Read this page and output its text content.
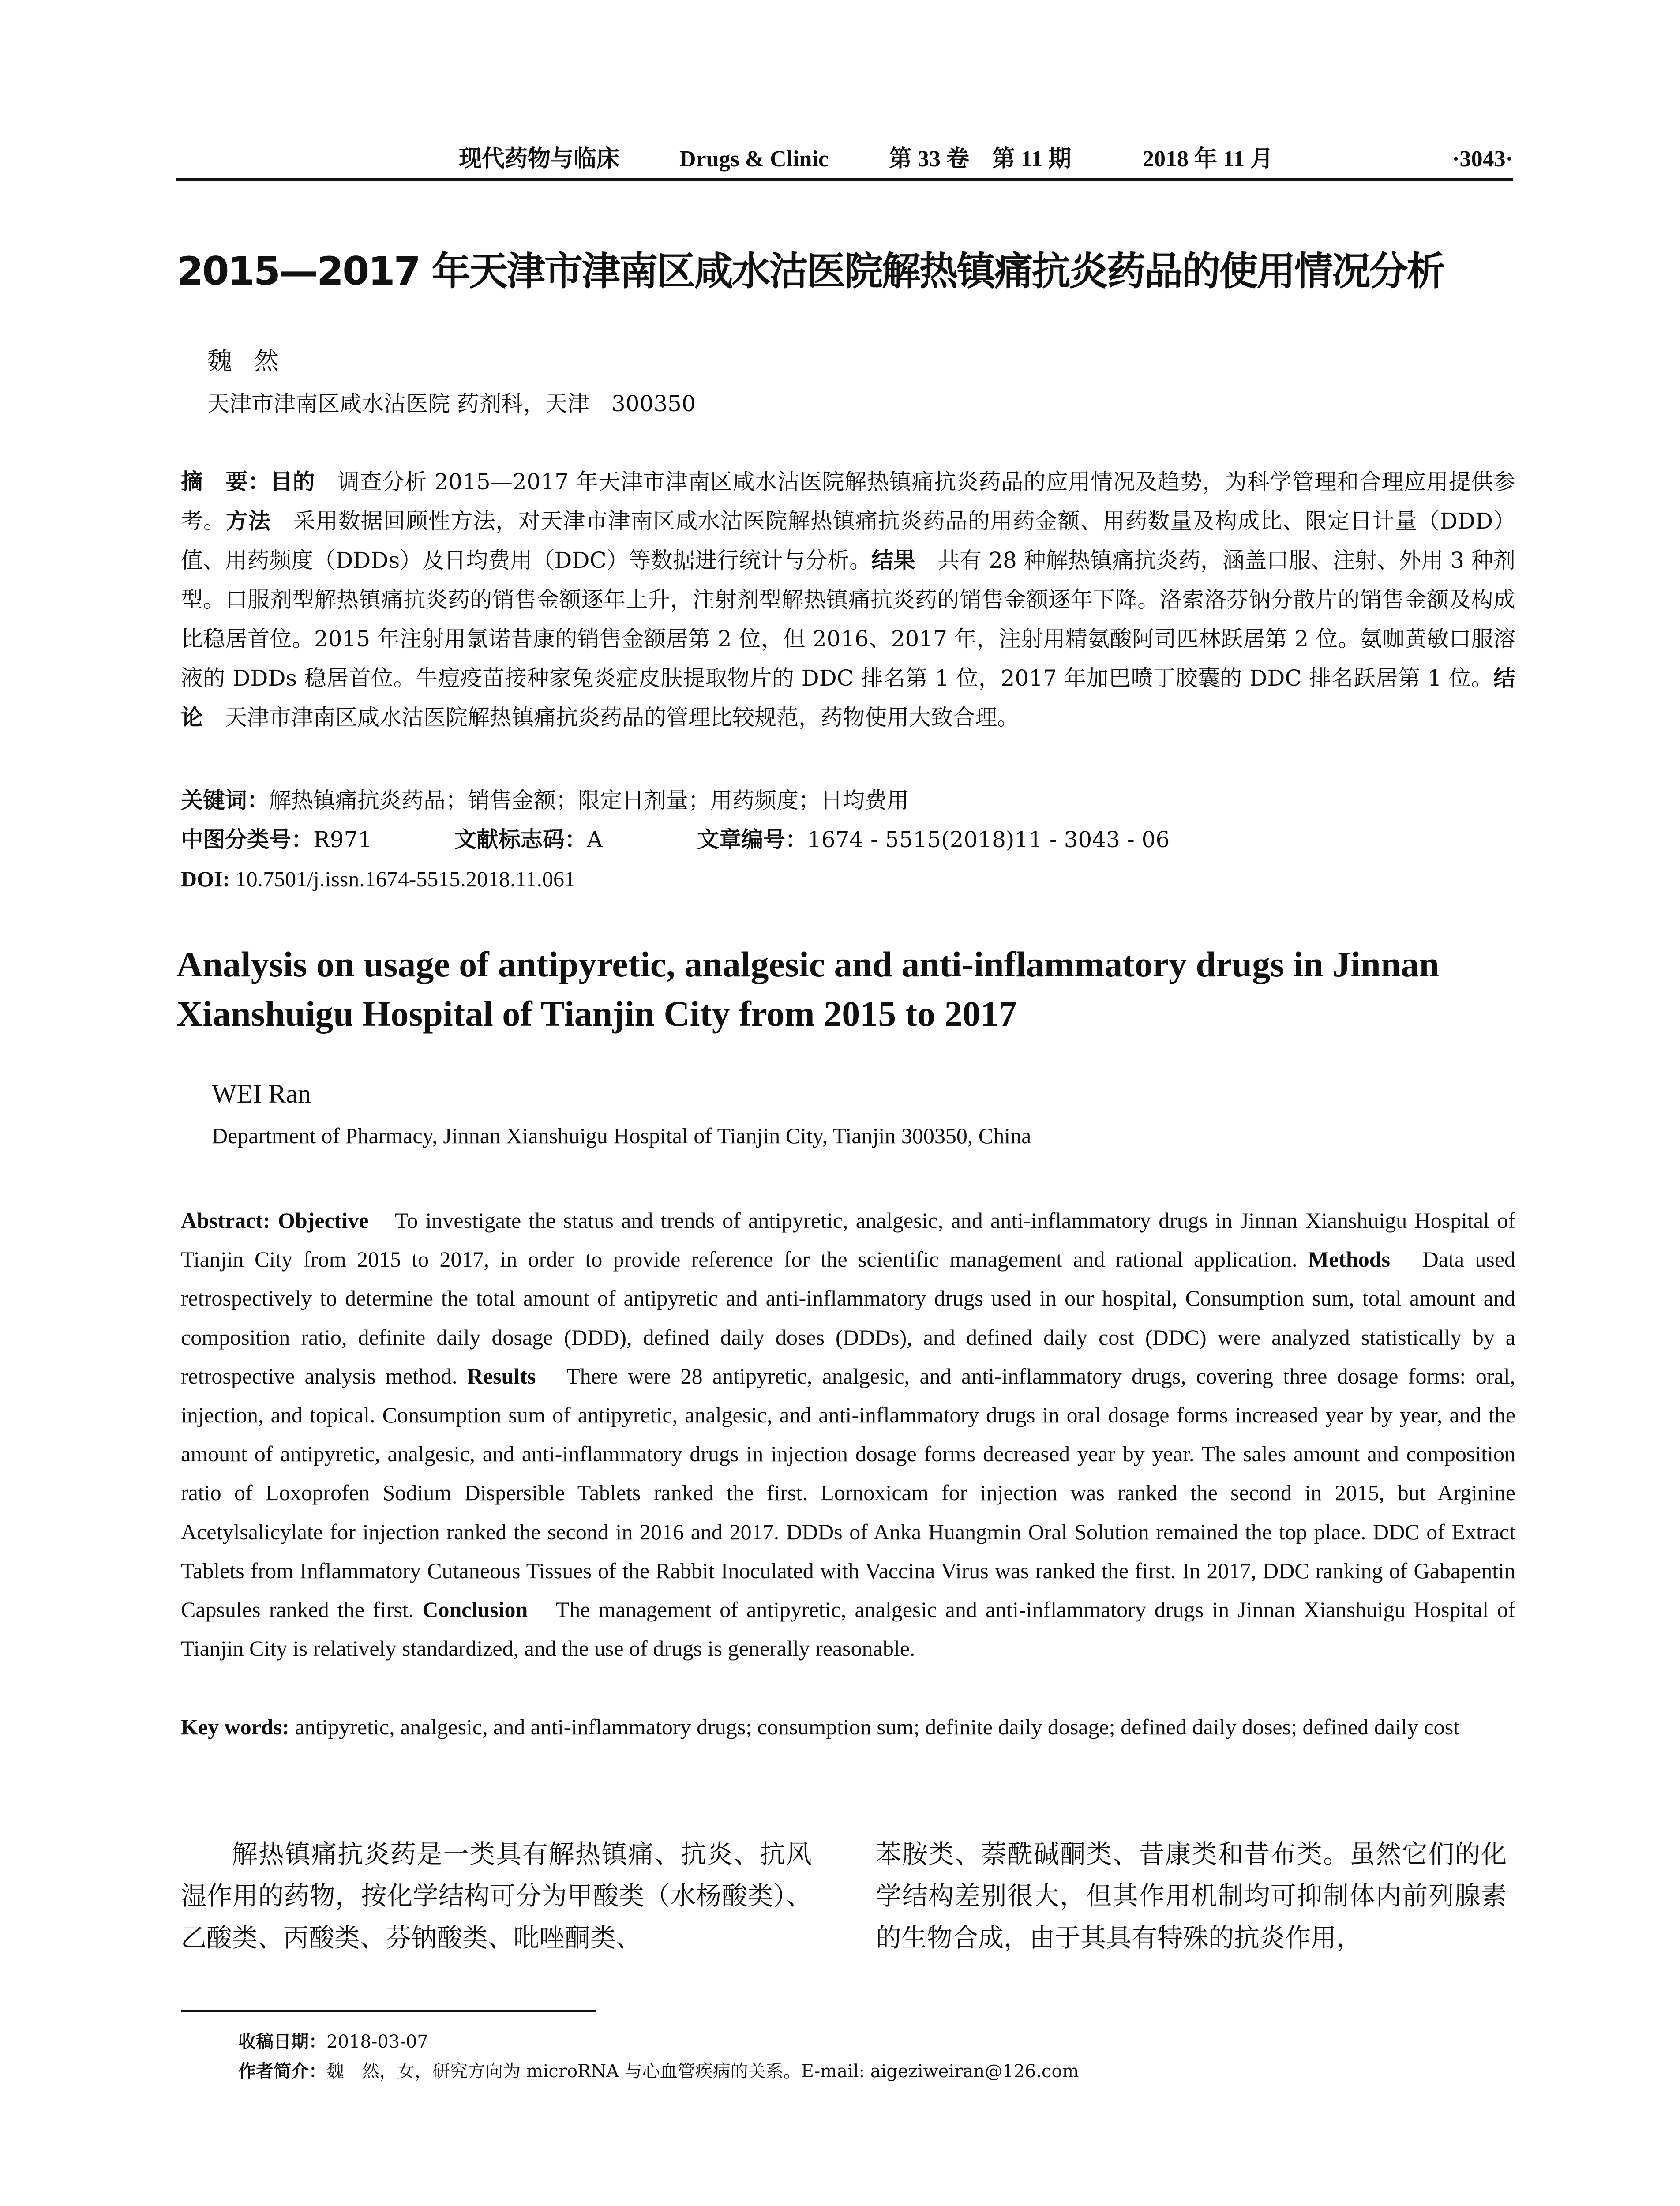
现代药物与临床	Drugs & Clinic	第 33 卷　第 11 期	2018 年 11 月	·3043·
2015—2017 年天津市津南区咸水沽医院解热镇痛抗炎药品的使用情况分析
魏然
天津市津南区咸水沽医院 药剂科，天津　300350
摘　要：目的　调查分析 2015—2017 年天津市津南区咸水沽医院解热镇痛抗炎药品的应用情况及趋势，为科学管理和合理应用提供参考。方法　采用数据回顾性方法，对天津市津南区咸水沽医院解热镇痛抗炎药品的用药金额、用药数量及构成比、限定日计量（DDD）值、用药频度（DDDs）及日均费用（DDC）等数据进行统计与分析。结果　共有 28 种解热镇痛抗炎药，涵盖口服、注射、外用 3 种剂型。口服剂型解热镇痛抗炎药的销售金额逐年上升，注射剂型解热镇痛抗炎药的销售金额逐年下降。洛索洛芬钠分散片的销售金额及构成比稳居首位。2015 年注射用氯诺昔康的销售金额居第 2 位，但 2016、2017 年，注射用精氨酸阿司匹林跃居第 2 位。氨咖黄敏口服溶液的 DDDs 稳居首位。牛痘疫苗接种家兔炎症皮肤提取物片的 DDC 排名第 1 位，2017 年加巴喷丁胶囊的 DDC 排名跃居第 1 位。结论　天津市津南区咸水沽医院解热镇痛抗炎药品的管理比较规范，药物使用大致合理。
关键词：解热镇痛抗炎药品；销售金额；限定日剂量；用药频度；日均费用
中图分类号：R971	文献标志码：A	文章编号：1674 - 5515(2018)11 - 3043 - 06
DOI: 10.7501/j.issn.1674-5515.2018.11.061
Analysis on usage of antipyretic, analgesic and anti-inflammatory drugs in Jinnan Xianshuigu Hospital of Tianjin City from 2015 to 2017
WEI Ran
Department of Pharmacy, Jinnan Xianshuigu Hospital of Tianjin City, Tianjin 300350, China
Abstract: Objective　To investigate the status and trends of antipyretic, analgesic, and anti-inflammatory drugs in Jinnan Xianshuigu Hospital of Tianjin City from 2015 to 2017, in order to provide reference for the scientific management and rational application. Methods　Data used retrospectively to determine the total amount of antipyretic and anti-inflammatory drugs used in our hospital, Consumption sum, total amount and composition ratio, definite daily dosage (DDD), defined daily doses (DDDs), and defined daily cost (DDC) were analyzed statistically by a retrospective analysis method. Results　There were 28 antipyretic, analgesic, and anti-inflammatory drugs, covering three dosage forms: oral, injection, and topical. Consumption sum of antipyretic, analgesic, and anti-inflammatory drugs in oral dosage forms increased year by year, and the amount of antipyretic, analgesic, and anti-inflammatory drugs in injection dosage forms decreased year by year. The sales amount and composition ratio of Loxoprofen Sodium Dispersible Tablets ranked the first. Lornoxicam for injection was ranked the second in 2015, but Arginine Acetylsalicylate for injection ranked the second in 2016 and 2017. DDDs of Anka Huangmin Oral Solution remained the top place. DDC of Extract Tablets from Inflammatory Cutaneous Tissues of the Rabbit Inoculated with Vaccina Virus was ranked the first. In 2017, DDC ranking of Gabapentin Capsules ranked the first. Conclusion　The management of antipyretic, analgesic and anti-inflammatory drugs in Jinnan Xianshuigu Hospital of Tianjin City is relatively standardized, and the use of drugs is generally reasonable.
Key words: antipyretic, analgesic, and anti-inflammatory drugs; consumption sum; definite daily dosage; defined daily doses; defined daily cost
解热镇痛抗炎药是一类具有解热镇痛、抗炎、抗风湿作用的药物，按化学结构可分为甲酸类（水杨酸类）、乙酸类、丙酸类、芬钠酸类、吡唑酮类、
苯胺类、萘酰碱酮类、昔康类和昔布类。虽然它们的化学结构差别很大，但其作用机制均可抑制体内前列腺素的生物合成，由于其具有特殊的抗炎作用，
收稿日期：2018-03-07
作者简介：魏　然，女，研究方向为 microRNA 与心血管疾病的关系。E-mail: aigeziweiran@126.com
